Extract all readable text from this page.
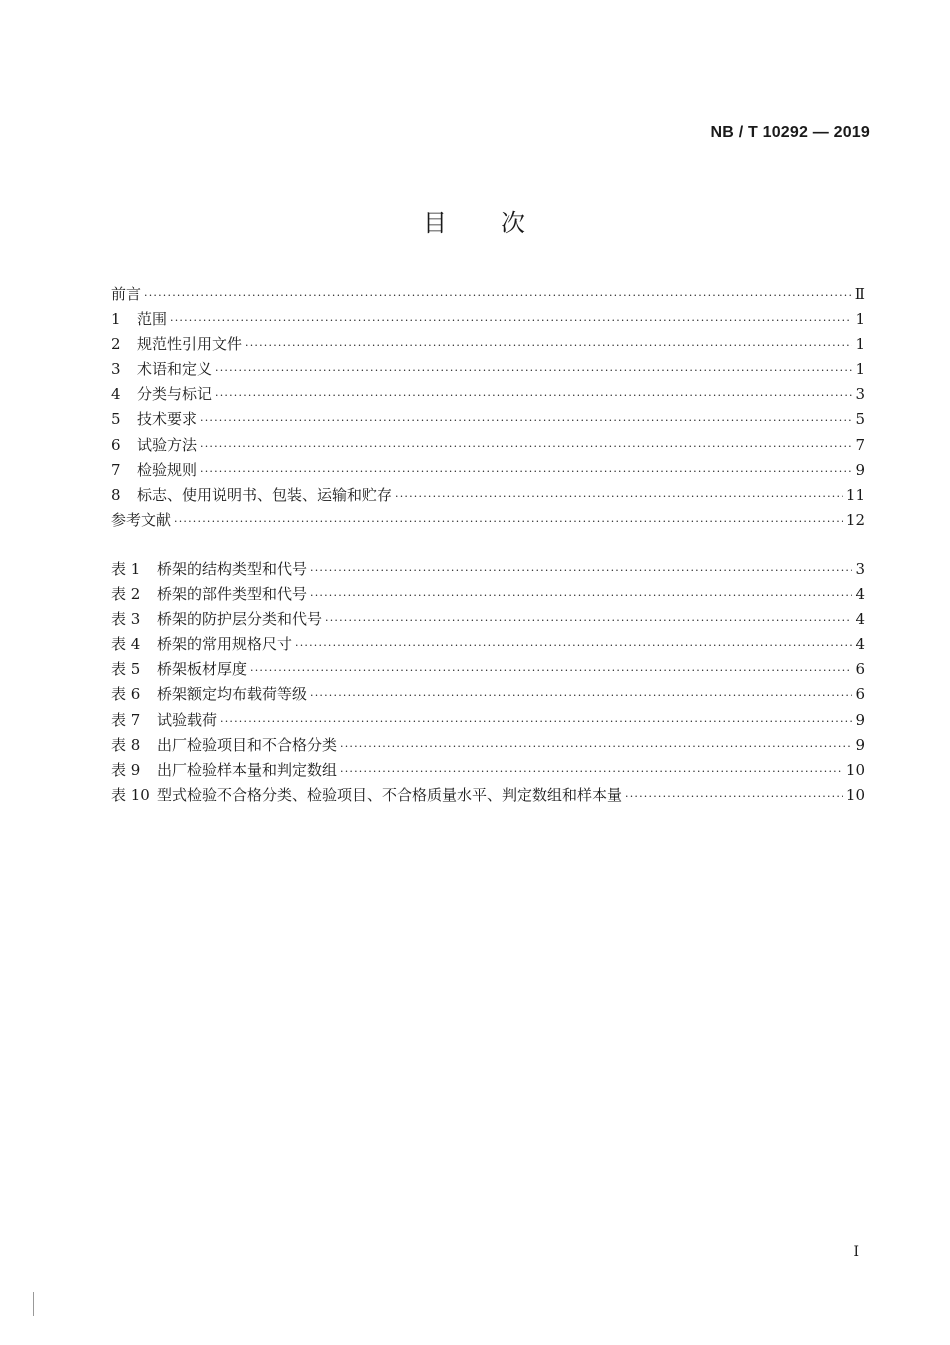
NB / T 10292 — 2019
目 次
前言 ·····	Ⅱ
1	范围 ·····	1
2	规范性引用文件 ·····	1
3	术语和定义 ·····	1
4	分类与标记 ·····	3
5	技术要求 ·····	5
6	试验方法 ·····	7
7	检验规则 ·····	9
8	标志、使用说明书、包装、运输和贮存 ·····	11
参考文献 ·····	12
表 1	桥架的结构类型和代号 ·····	3
表 2	桥架的部件类型和代号 ·····	4
表 3	桥架的防护层分类和代号 ·····	4
表 4	桥架的常用规格尺寸 ·····	4
表 5	桥架板材厚度 ·····	6
表 6	桥架额定均布载荷等级 ·····	6
表 7	试验载荷 ·····	9
表 8	出厂检验项目和不合格分类 ·····	9
表 9	出厂检验样本量和判定数组 ·····	10
表 10 型式检验不合格分类、检验项目、不合格质量水平、判定数组和样本量 ·····	10
I
